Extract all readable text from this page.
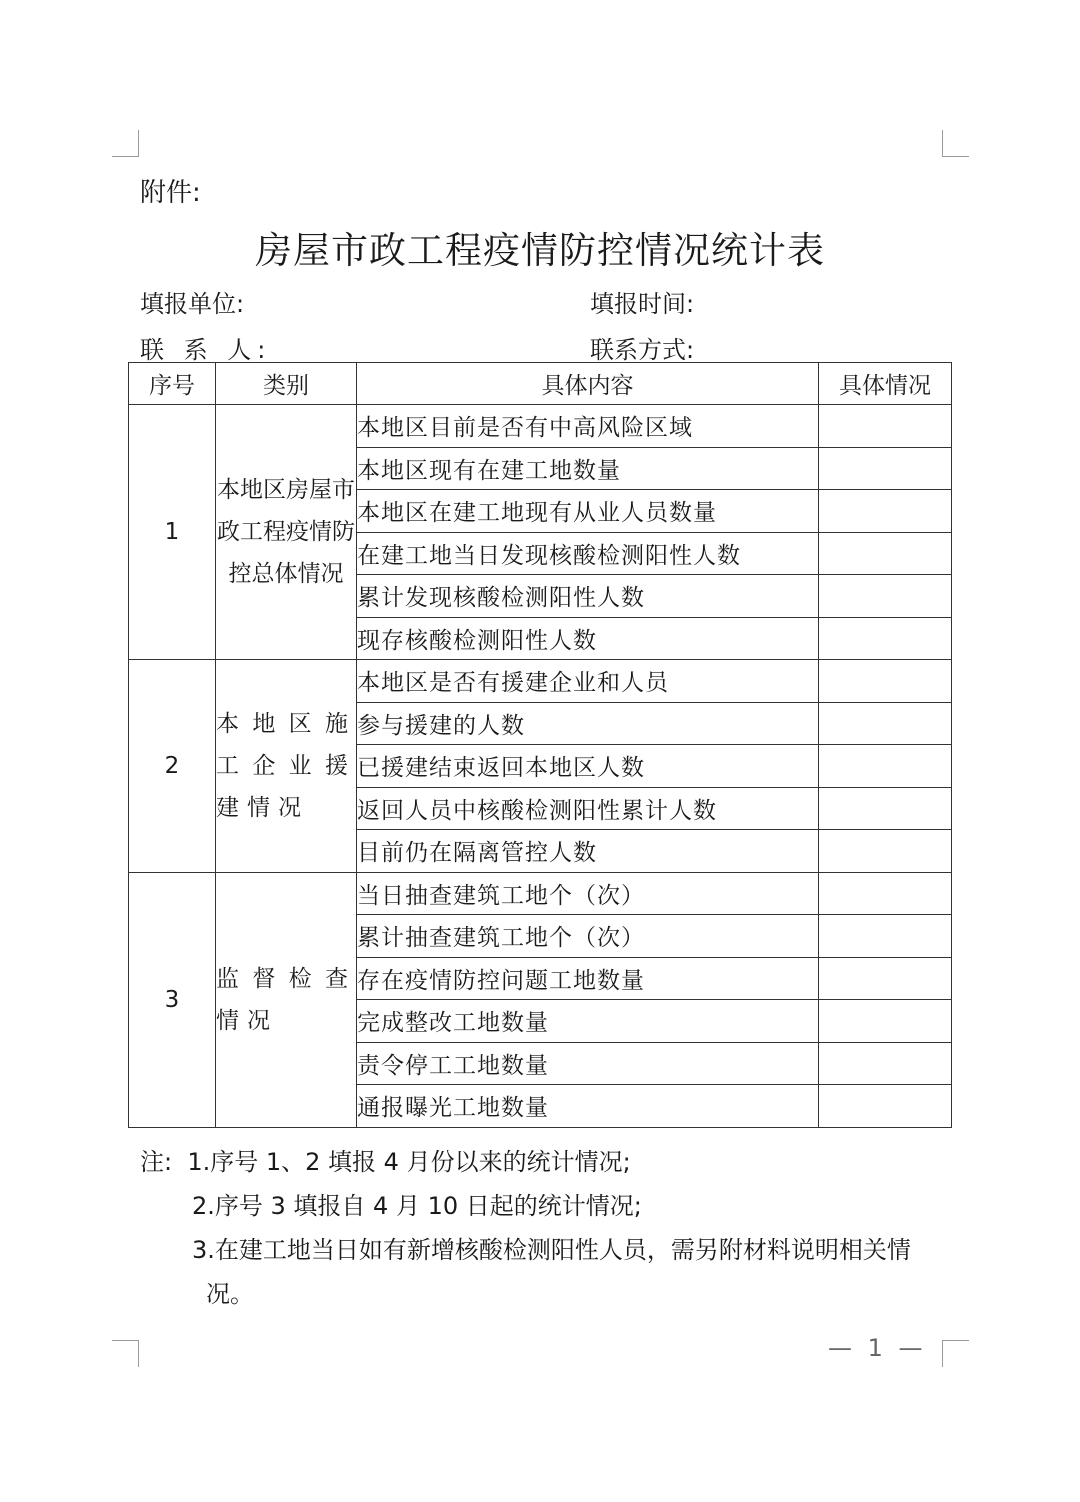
附件:
房屋市政工程疫情防控情况统计表
填报单位:	填报时间:
联 系 人:	联系方式:
序号	类别	具体内容	具体情况
1	本地区房屋市政工程疫情防控总体情况	本地区目前是否有中高风险区域	
		本地区现有在建工地数量	
		本地区在建工地现有从业人员数量	
		在建工地当日发现核酸检测阳性人数	
		累计发现核酸检测阳性人数	
		现存核酸检测阳性人数	
2	本地区施工企业援建情况	本地区是否有援建企业和人员	
		参与援建的人数	
		已援建结束返回本地区人数	
		返回人员中核酸检测阳性累计人数	
		目前仍在隔离管控人数	
3	监督检查情况	当日抽查建筑工地个（次）	
		累计抽查建筑工地个（次）	
		存在疫情防控问题工地数量	
		完成整改工地数量	
		责令停工工地数量	
		通报曝光工地数量	
注: 1.序号 1、2 填报 4 月份以来的统计情况;
2.序号 3 填报自 4 月 10 日起的统计情况;
3.在建工地当日如有新增核酸检测阳性人员，需另附材料说明相关情
况。
— 1 —
